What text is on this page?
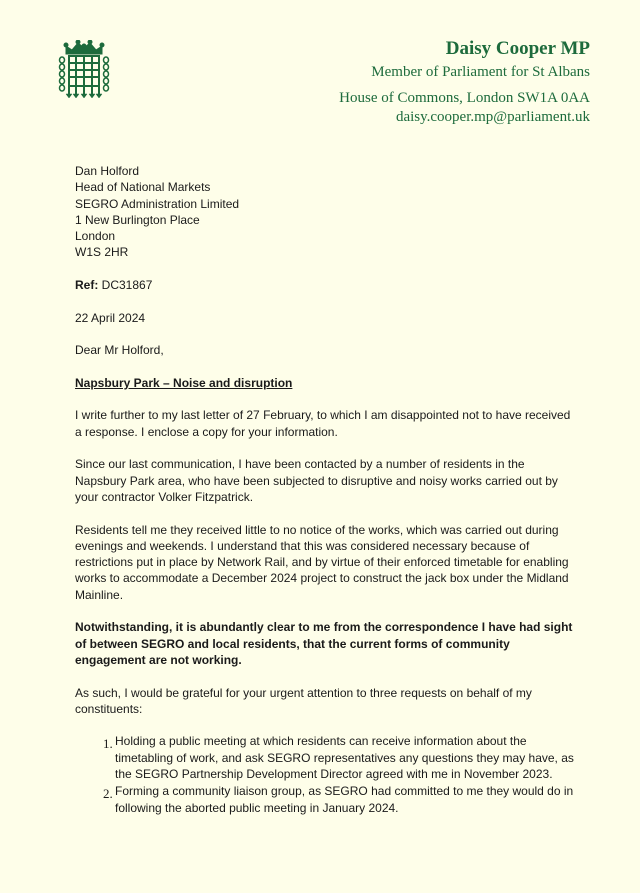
Daisy Cooper MP
Member of Parliament for St Albans
House of Commons, London SW1A 0AA
daisy.cooper.mp@parliament.uk

Dan Holford
Head of National Markets
SEGRO Administration Limited
1 New Burlington Place
London
W1S 2HR

Ref: DC31867

22 April 2024

Dear Mr Holford,

Napsbury Park – Noise and disruption

I write further to my last letter of 27 February, to which I am disappointed not to have received a response. I enclose a copy for your information.

Since our last communication, I have been contacted by a number of residents in the Napsbury Park area, who have been subjected to disruptive and noisy works carried out by your contractor Volker Fitzpatrick.

Residents tell me they received little to no notice of the works, which was carried out during evenings and weekends. I understand that this was considered necessary because of restrictions put in place by Network Rail, and by virtue of their enforced timetable for enabling works to accommodate a December 2024 project to construct the jack box under the Midland Mainline.

Notwithstanding, it is abundantly clear to me from the correspondence I have had sight of between SEGRO and local residents, that the current forms of community engagement are not working.

As such, I would be grateful for your urgent attention to three requests on behalf of my constituents:

1. Holding a public meeting at which residents can receive information about the timetabling of work, and ask SEGRO representatives any questions they may have, as the SEGRO Partnership Development Director agreed with me in November 2023.
2. Forming a community liaison group, as SEGRO had committed to me they would do in following the aborted public meeting in January 2024.
